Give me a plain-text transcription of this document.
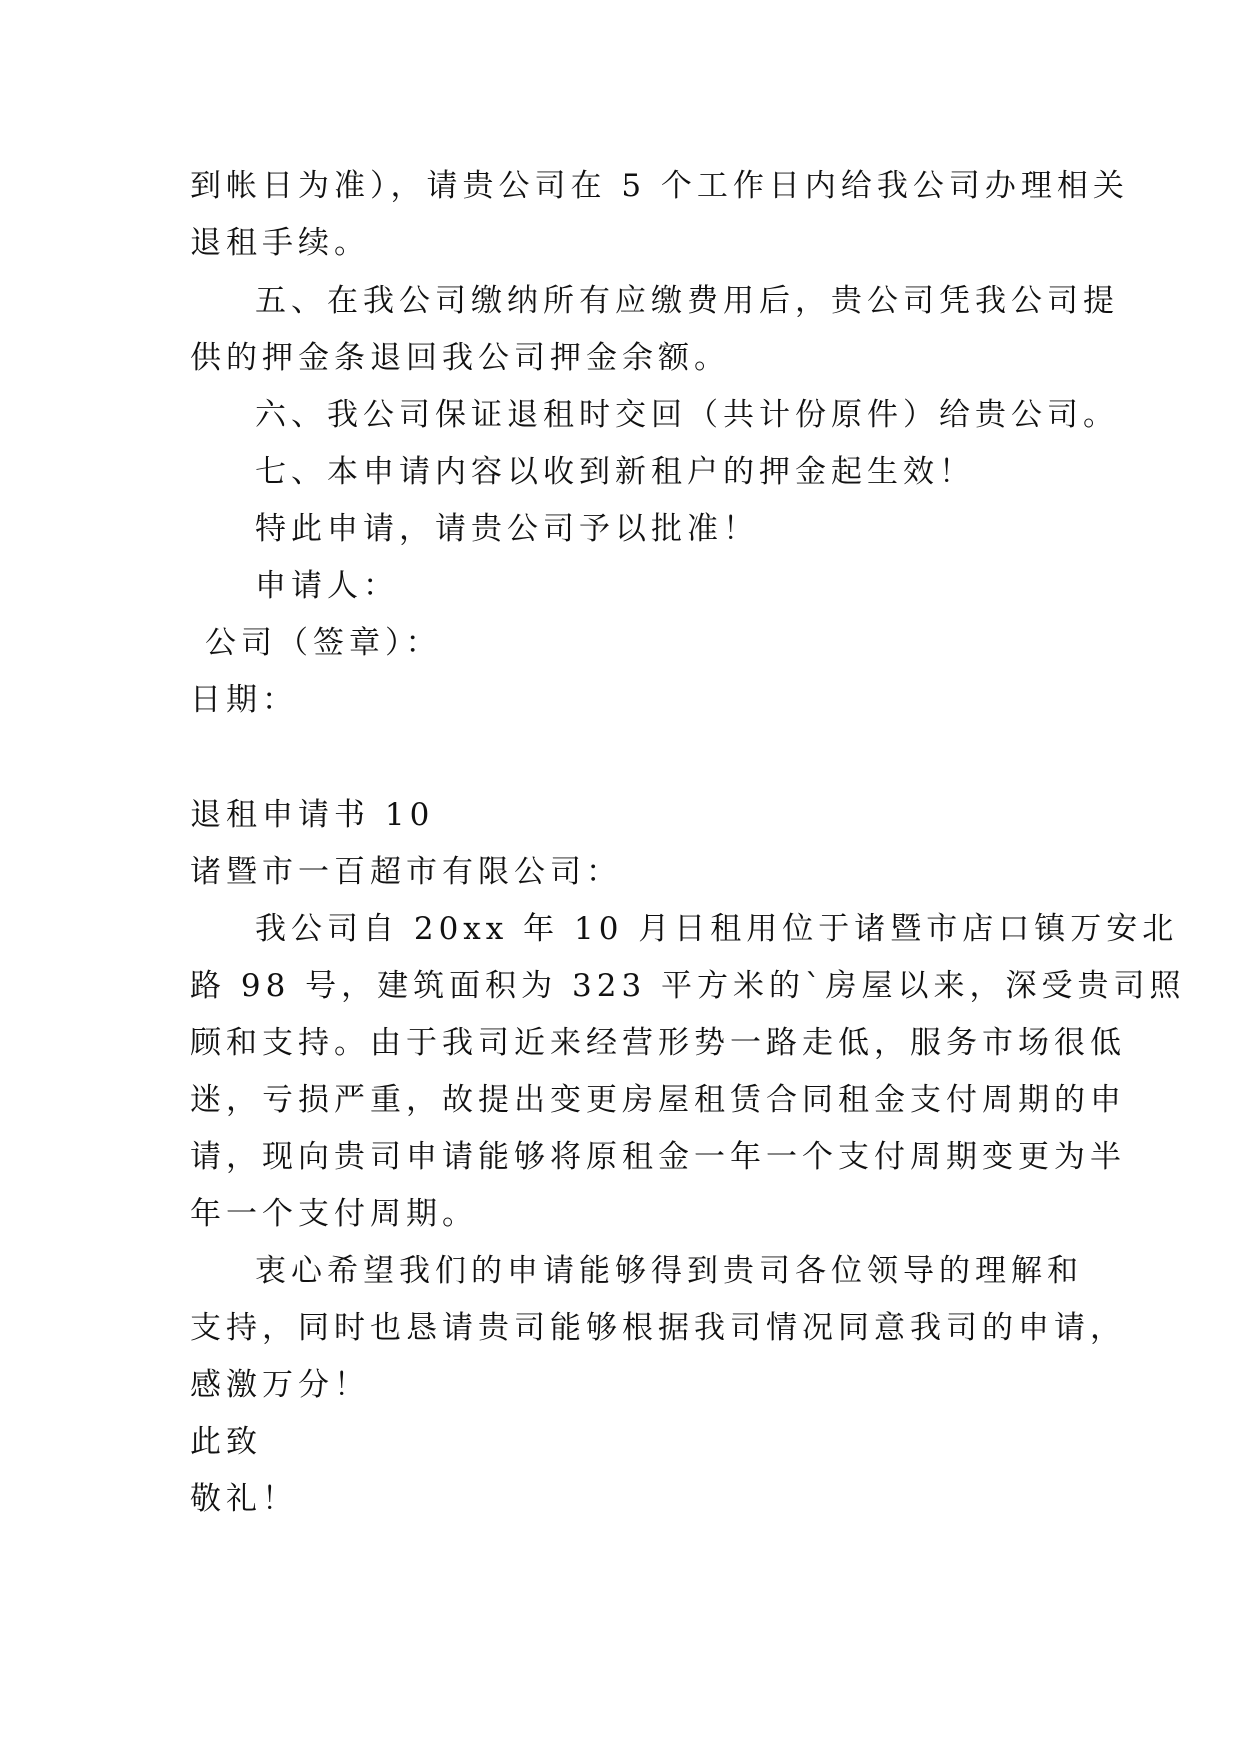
到帐日为准），请贵公司在 5 个工作日内给我公司办理相关
退租手续。
五、在我公司缴纳所有应缴费用后，贵公司凭我公司提
供的押金条退回我公司押金余额。
六、我公司保证退租时交回（共计份原件）给贵公司。
七、本申请内容以收到新租户的押金起生效！
特此申请，请贵公司予以批准！
申请人：
公司（签章）：
日期：
退租申请书 10
诸暨市一百超市有限公司：
我公司自 20xx 年 10 月日租用位于诸暨市店口镇万安北
路 98 号，建筑面积为 323 平方米的`房屋以来，深受贵司照
顾和支持。由于我司近来经营形势一路走低，服务市场很低
迷，亏损严重，故提出变更房屋租赁合同租金支付周期的申
请，现向贵司申请能够将原租金一年一个支付周期变更为半
年一个支付周期。
衷心希望我们的申请能够得到贵司各位领导的理解和
支持，同时也恳请贵司能够根据我司情况同意我司的申请，
感激万分！
此致
敬礼！
